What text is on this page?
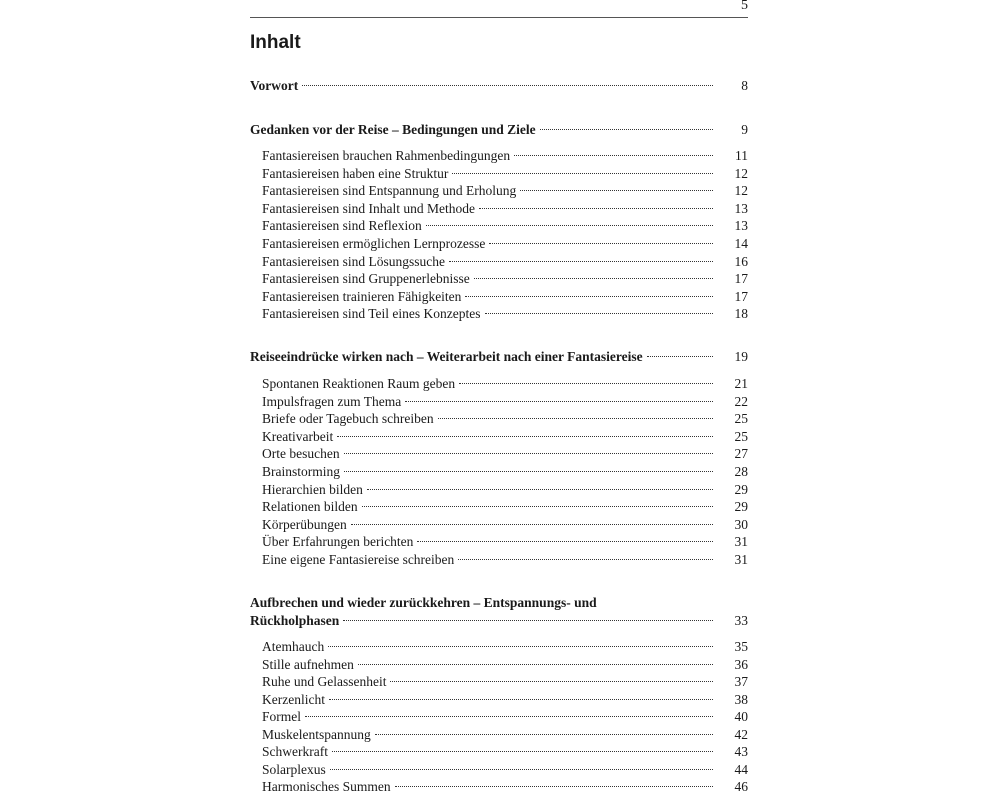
5
Inhalt
Vorwort	8
Gedanken vor der Reise – Bedingungen und Ziele	9
Fantasiereisen brauchen Rahmenbedingungen	11
Fantasiereisen haben eine Struktur	12
Fantasiereisen sind Entspannung und Erholung	12
Fantasiereisen sind Inhalt und Methode	13
Fantasiereisen sind Reflexion	13
Fantasiereisen ermöglichen Lernprozesse	14
Fantasiereisen sind Lösungssuche	16
Fantasiereisen sind Gruppenerlebnisse	17
Fantasiereisen trainieren Fähigkeiten	17
Fantasiereisen sind Teil eines Konzeptes	18
Reiseeindrücke wirken nach – Weiterarbeit nach einer Fantasiereise	19
Spontanen Reaktionen Raum geben	21
Impulsfragen zum Thema	22
Briefe oder Tagebuch schreiben	25
Kreativarbeit	25
Orte besuchen	27
Brainstorming	28
Hierarchien bilden	29
Relationen bilden	29
Körperübungen	30
Über Erfahrungen berichten	31
Eine eigene Fantasiereise schreiben	31
Aufbrechen und wieder zurückkehren – Entspannungs- und
Rückholphasen	33
Atemhauch	35
Stille aufnehmen	36
Ruhe und Gelassenheit	37
Kerzenlicht	38
Formel	40
Muskelentspannung	42
Schwerkraft	43
Solarplexus	44
Harmonisches Summen	46
